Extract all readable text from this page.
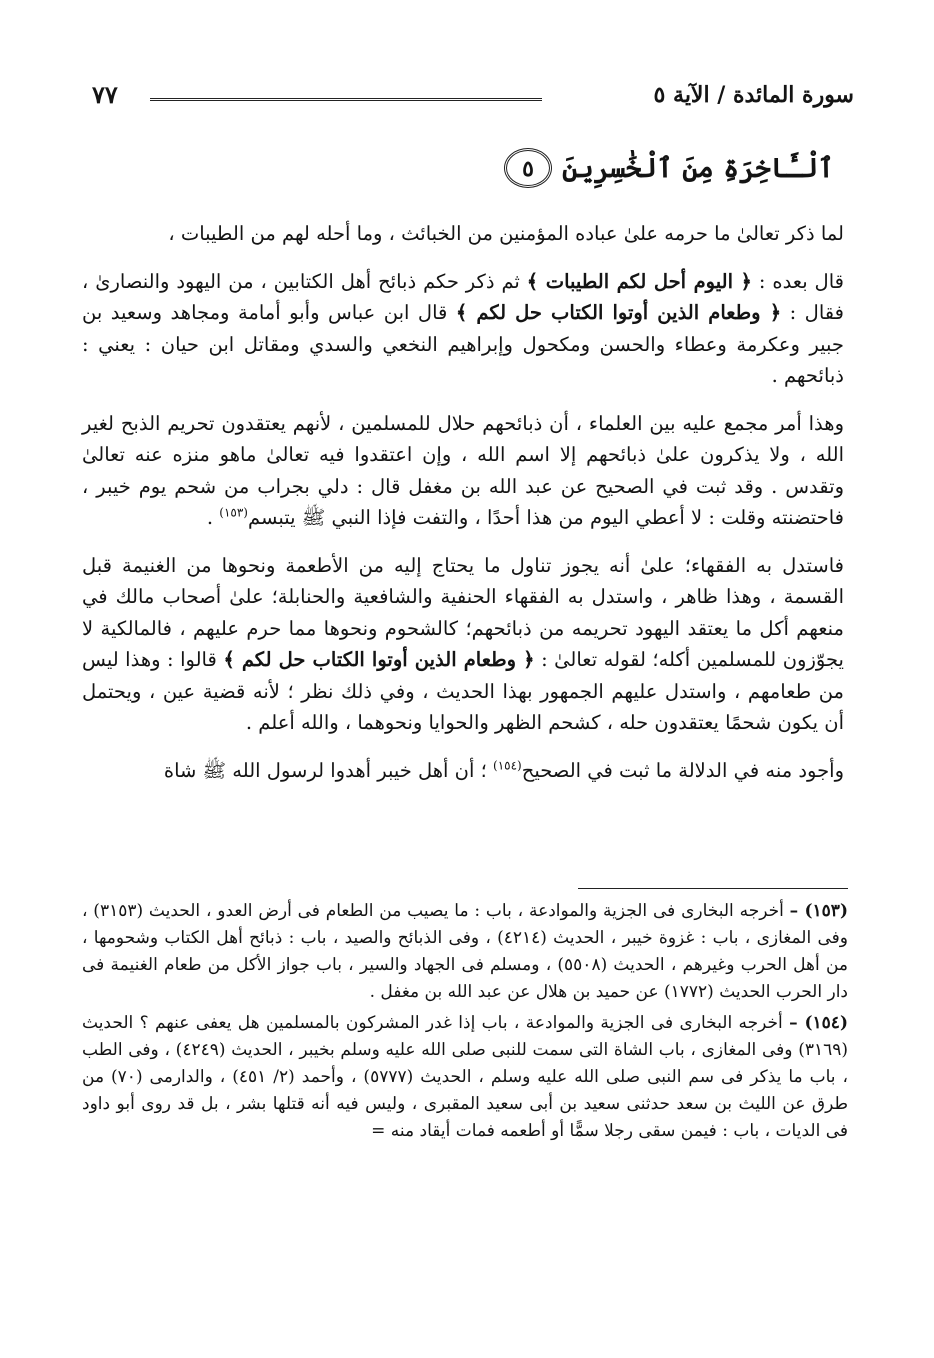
سورة المائدة / الآية ٥
٧٧
ٱلْـَٔاخِرَةِ مِنَ ٱلْخَٰسِرِينَ
٥

لما ذكر تعالىٰ ما حرمه علىٰ عباده المؤمنين من الخبائث ، وما أحله لهم من الطيبات ،

قال بعده : ﴿ اليوم أحل لكم الطيبات ﴾ ثم ذكر حكم ذبائح أهل الكتابين ، من اليهود والنصارىٰ ، فقال : ﴿ وطعام الذين أوتوا الكتاب حل لكم ﴾ قال ابن عباس وأبو أمامة ومجاهد وسعيد بن جبير وعكرمة وعطاء والحسن ومكحول وإبراهيم النخعي والسدي ومقاتل ابن حيان : يعني : ذبائحهم .

وهذا أمر مجمع عليه بين العلماء ، أن ذبائحهم حلال للمسلمين ، لأنهم يعتقدون تحريم الذبح لغير الله ، ولا يذكرون علىٰ ذبائحهم إلا اسم الله ، وإن اعتقدوا فيه تعالىٰ ماهو منزه عنه تعالىٰ وتقدس . وقد ثبت في الصحيح عن عبد الله بن مغفل قال : دلي بجراب من شحم يوم خيبر ، فاحتضنته وقلت : لا أعطي اليوم من هذا أحدًا ، والتفت فإذا النبي ﷺ يتبسم$^{(١٥٣)}$ .

فاستدل به الفقهاء؛ علىٰ أنه يجوز تناول ما يحتاج إليه من الأطعمة ونحوها من الغنيمة قبل القسمة ، وهذا ظاهر ، واستدل به الفقهاء الحنفية والشافعية والحنابلة؛ علىٰ أصحاب مالك في منعهم أكل ما يعتقد اليهود تحريمه من ذبائحهم؛ كالشحوم ونحوها مما حرم عليهم ، فالمالكية لا يجوّزون للمسلمين أكله؛ لقوله تعالىٰ : ﴿ وطعام الذين أوتوا الكتاب حل لكم ﴾ قالوا : وهذا ليس من طعامهم ، واستدل عليهم الجمهور بهذا الحديث ، وفي ذلك نظر ؛ لأنه قضية عين ، ويحتمل أن يكون شحمًا يعتقدون حله ، كشحم الظهر والحوايا ونحوهما ، والله أعلم .

وأجود منه في الدلالة ما ثبت في الصحيح$^{(١٥٤)}$ ؛ أن أهل خيبر أهدوا لرسول الله ﷺ شاة

(١٥٣) – أخرجه البخارى فى الجزية والموادعة ، باب : ما يصيب من الطعام فى أرض العدو ، الحديث (٣١٥٣) ، وفى المغازى ، باب : غزوة خيبر ، الحديث (٤٢١٤) ، وفى الذبائح والصيد ، باب : ذبائح أهل الكتاب وشحومها ، من أهل الحرب وغيرهم ، الحديث (٥٥٠٨) ، ومسلم فى الجهاد والسير ، باب جواز الأكل من طعام الغنيمة فى دار الحرب الحديث (١٧٧٢) عن حميد بن هلال عن عبد الله بن مغفل .

(١٥٤) – أخرجه البخارى فى الجزية والموادعة ، باب إذا غدر المشركون بالمسلمين هل يعفى عنهم ؟ الحديث (٣١٦٩) وفى المغازى ، باب الشاة التى سمت للنبى صلى الله عليه وسلم بخيبر ، الحديث (٤٢٤٩) ، وفى الطب ، باب ما يذكر فى سم النبى صلى الله عليه وسلم ، الحديث (٥٧٧٧) ، وأحمد (٢/ ٤٥١) ، والدارمى (٧٠) من طرق عن الليث بن سعد حدثنى سعيد بن أبى سعيد المقبرى ، وليس فيه أنه قتلها بشر ، بل قد روى أبو داود فى الديات ، باب : فيمن سقى رجلا سمًّا أو أطعمه فمات أيقاد منه =
